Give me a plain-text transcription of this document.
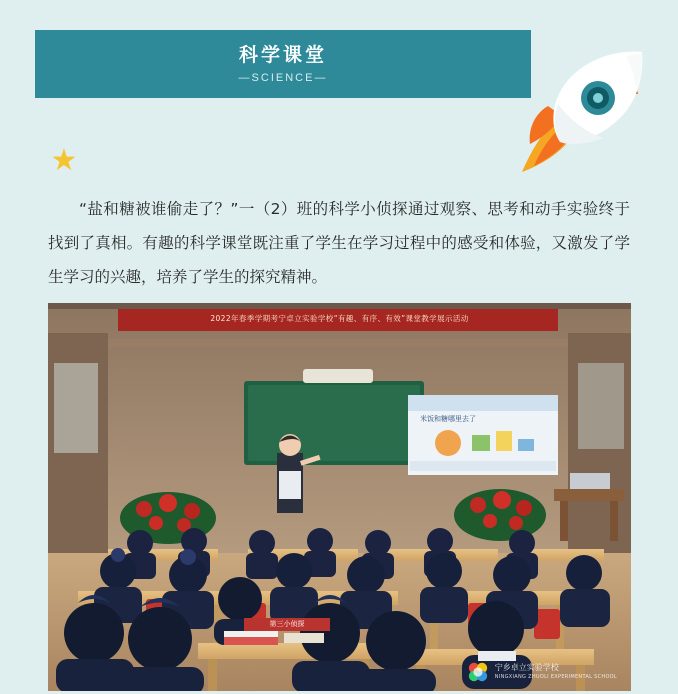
科学课堂
—SCIENCE—
★
“盐和糖被谁偷走了？”一（2）班的科学小侦探通过观察、思考和动手实验终于找到了真相。有趣的科学课堂既注重了学生在学习过程中的感受和体验，又激发了学生学习的兴趣，培养了学生的探究精神。
2022年春季学期考宁卓立实验学校“有趣、有序、有效”课堂教学展示活动
米饭和糖哪里去了
第三小侦探
宁乡卓立实验学校
NINGXIANG ZHUOLI EXPERIMENTAL SCHOOL
